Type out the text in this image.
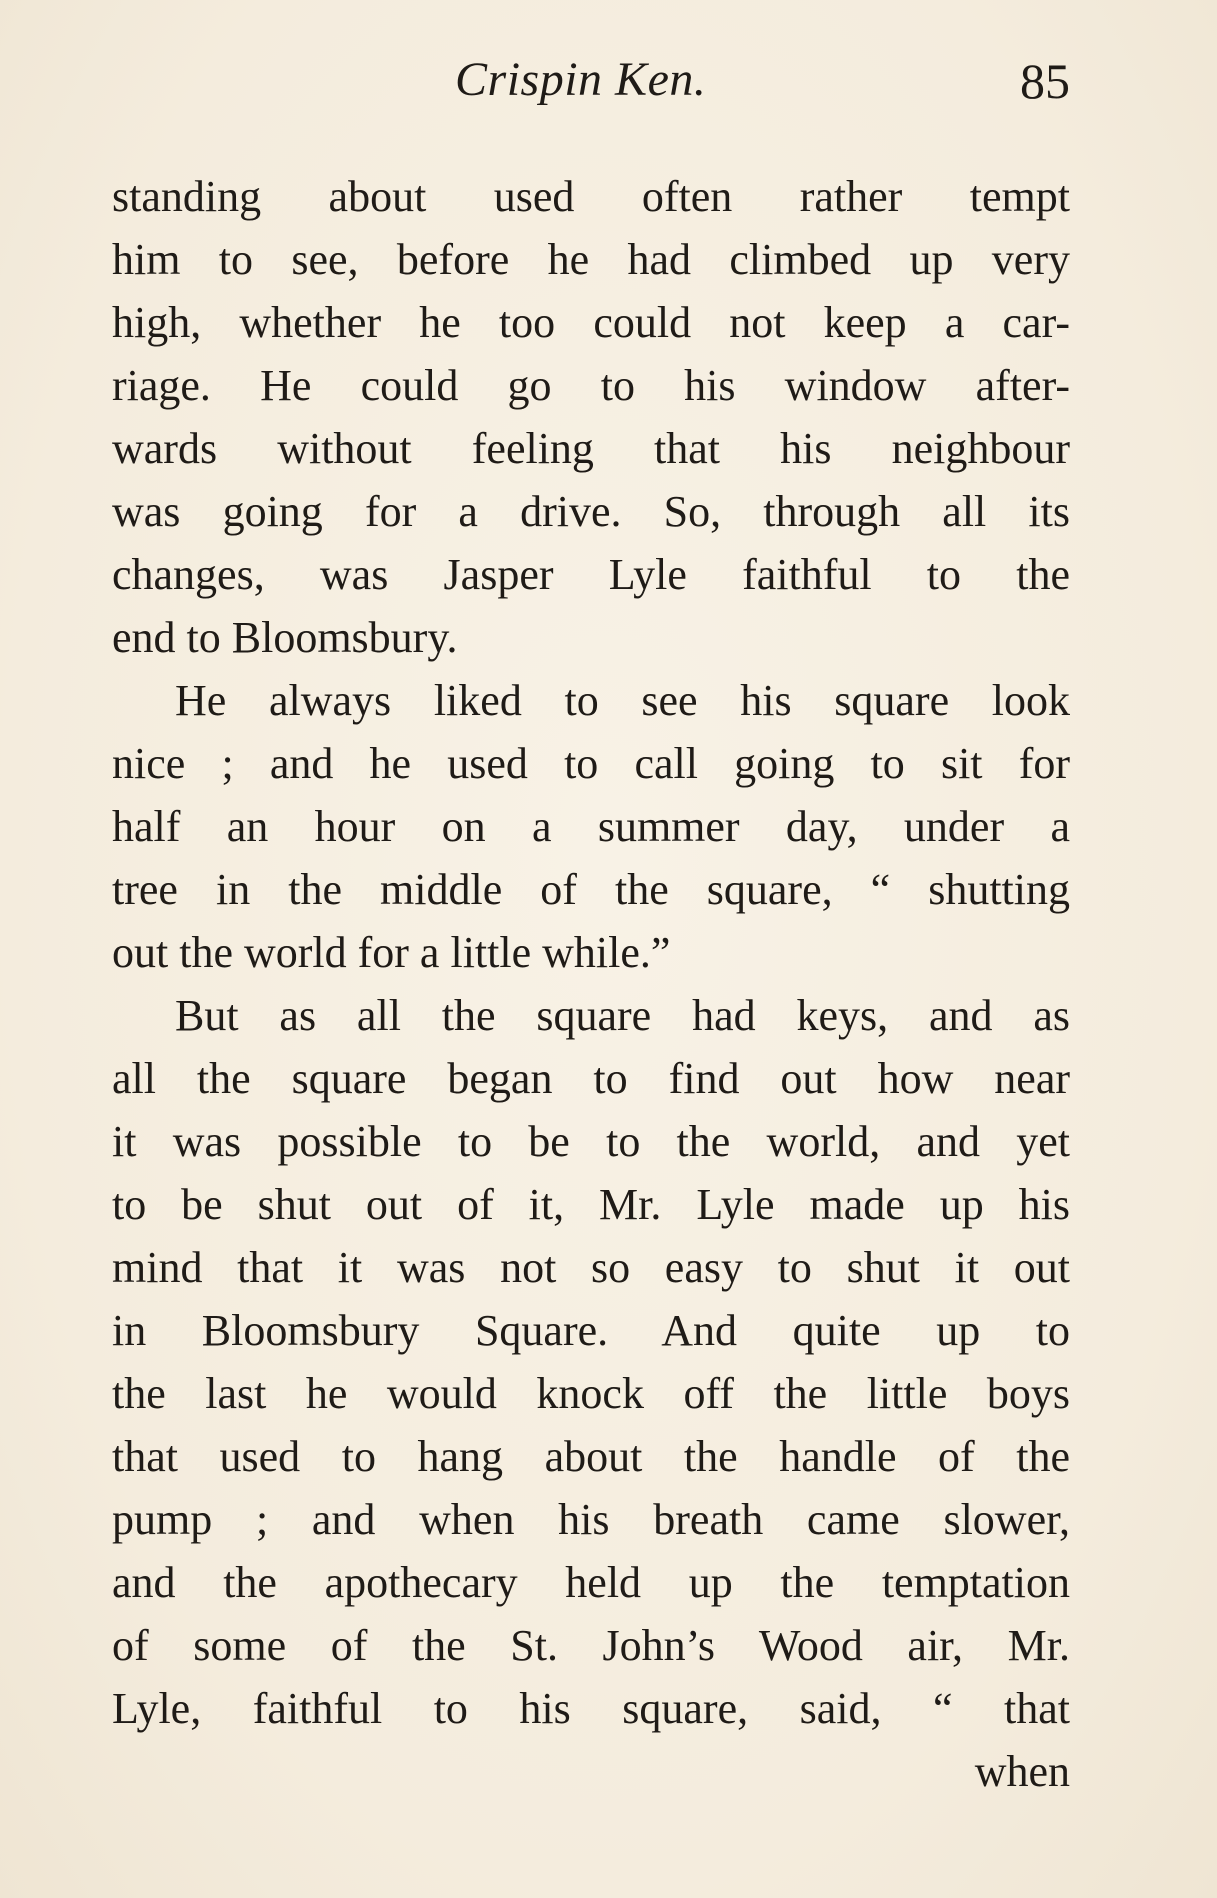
Crispin Ken.	85
standing about used often rather tempt
him to see, before he had climbed up very
high, whether he too could not keep a car-
riage. He could go to his window after-
wards without feeling that his neighbour
was going for a drive. So, through all its
changes, was Jasper Lyle faithful to the
end to Bloomsbury.
He always liked to see his square look
nice ; and he used to call going to sit for
half an hour on a summer day, under a
tree in the middle of the square, “ shutting
out the world for a little while.”
But as all the square had keys, and as
all the square began to find out how near
it was possible to be to the world, and yet
to be shut out of it, Mr. Lyle made up his
mind that it was not so easy to shut it out
in Bloomsbury Square. And quite up to
the last he would knock off the little boys
that used to hang about the handle of the
pump ; and when his breath came slower,
and the apothecary held up the temptation
of some of the St. John’s Wood air, Mr.
Lyle, faithful to his square, said, “ that
when
